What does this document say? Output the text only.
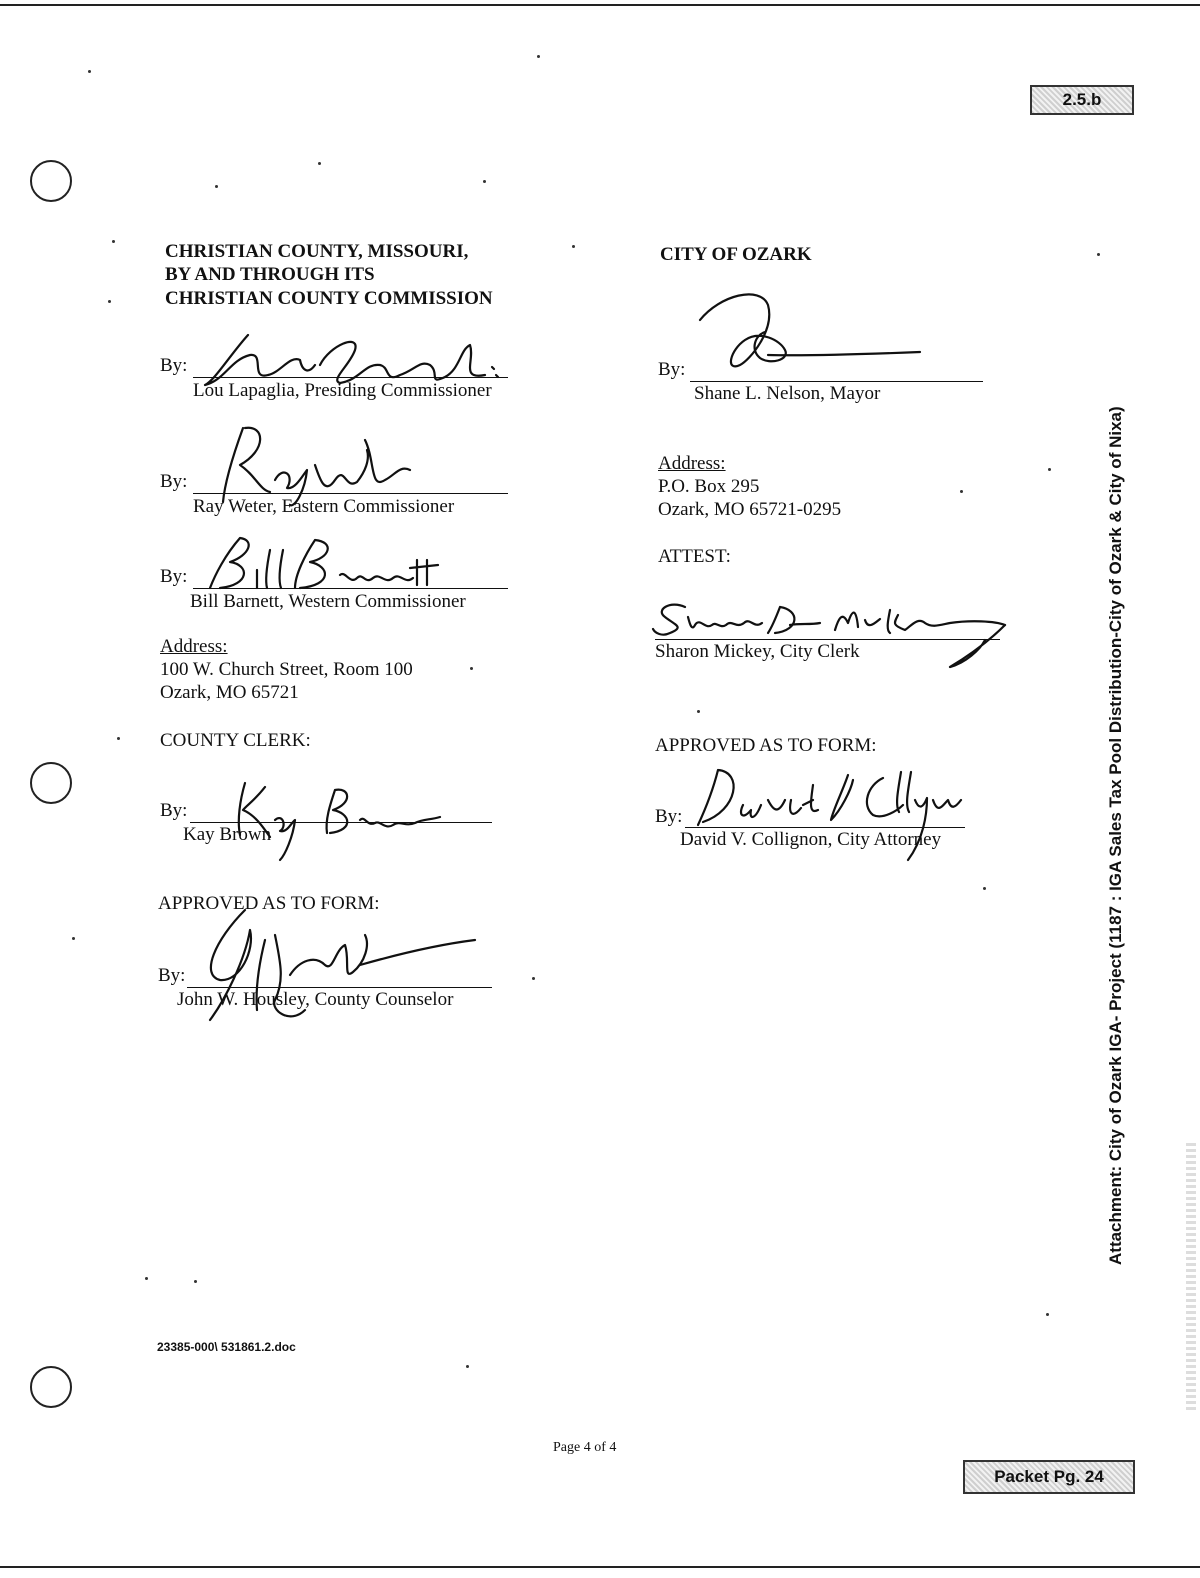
2.5.b
CHRISTIAN COUNTY, MISSOURI,
BY AND THROUGH ITS
CHRISTIAN COUNTY COMMISSION
By:
Lou Lapaglia, Presiding Commissioner
By:
Ray Weter, Eastern Commissioner
By:
Bill Barnett, Western Commissioner
Address:
100 W. Church Street, Room 100
Ozark, MO 65721
COUNTY CLERK:
By:
Kay Brown
APPROVED AS TO FORM:
By:
John W. Housley, County Counselor
CITY OF OZARK
By:
Shane L. Nelson, Mayor
Address:
P.O. Box 295
Ozark, MO 65721-0295
ATTEST:
Sharon Mickey, City Clerk
APPROVED AS TO FORM:
By:
David V. Collignon, City Attorney	Attachment: City of Ozark IGA- Project (1187 : IGA Sales Tax Pool Distribution-City of Ozark & City of Nixa)
23385-000\ 531861.2.doc
Page 4 of 4
Packet Pg. 24
